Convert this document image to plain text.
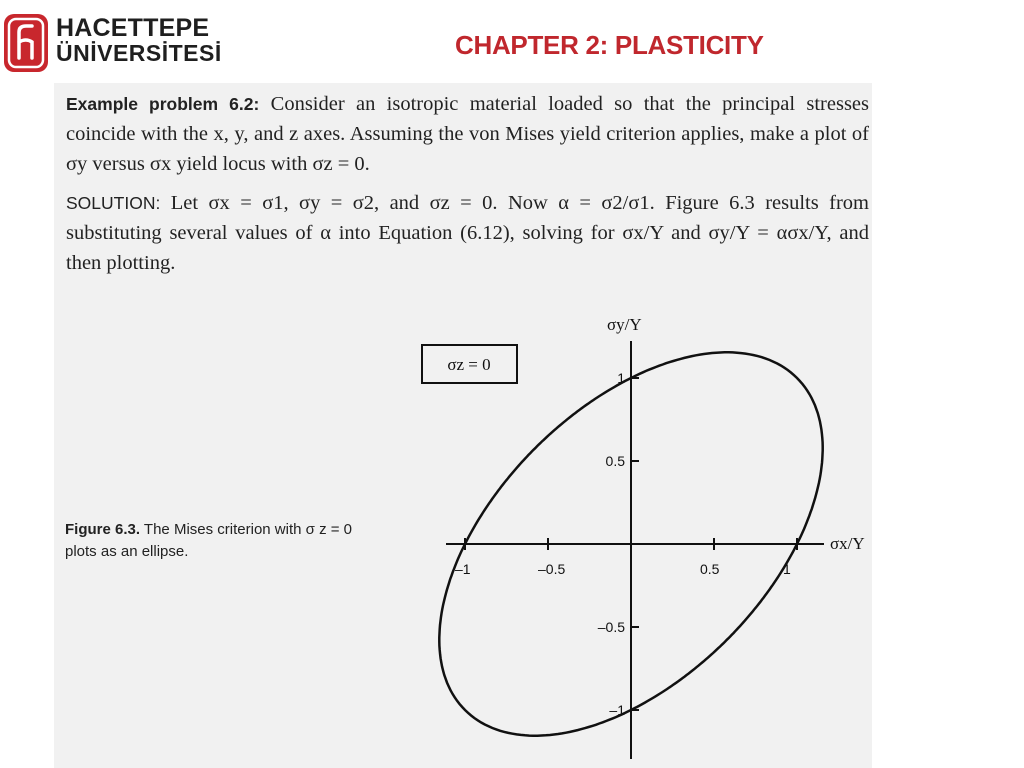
HACETTEPE
ÜNİVERSİTESİ	CHAPTER 2: PLASTICITY
Example problem 6.2: Consider an isotropic material loaded so that the principal stresses coincide with the x, y, and z axes. Assuming the von Mises yield criterion applies, make a plot of σy versus σx yield locus with σz = 0.
SOLUTION: Let σx = σ1, σy = σ2, and σz = 0. Now α = σ2/σ1. Figure 6.3 results from substituting several values of α into Equation (6.12), solving for σx/Y and σy/Y = ασx/Y, and then plotting.
Figure 6.3. The Mises criterion with σ z = 0 plots as an ellipse.
σz = 0
–1	–0.5	0.5	1
1
0.5
–0.5
–1
σx/Y
σy/Y
